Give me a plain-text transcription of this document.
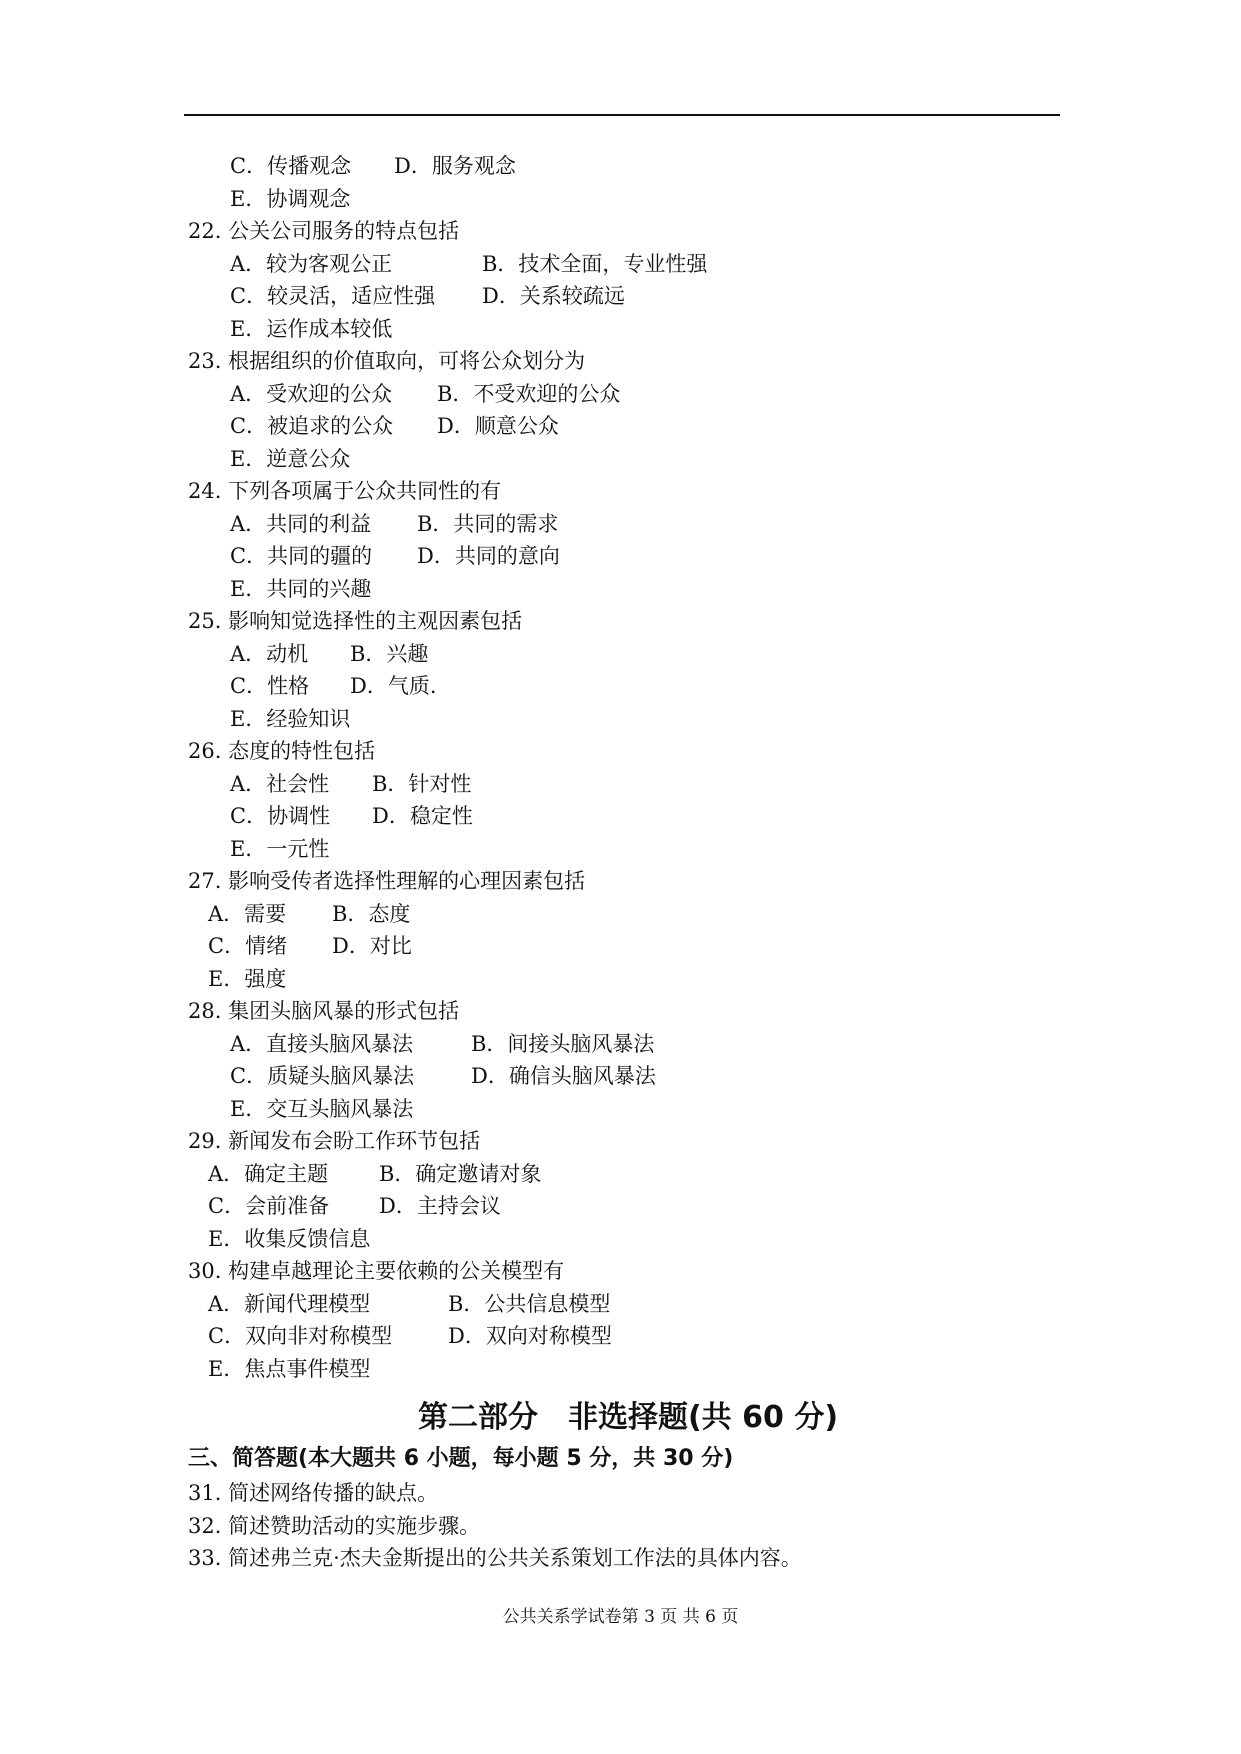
C．传播观念 D．服务观念
E．协调观念
22. 公关公司服务的特点包括
A．较为客观公正	B．技术全面，专业性强
C．较灵活，适应性强 D．关系较疏远
E．运作成本较低
23. 根据组织的价值取向，可将公众划分为
A．受欢迎的公众 B．不受欢迎的公众
C．被追求的公众 D．顺意公众
E．逆意公众
24. 下列各项属于公众共同性的有
A．共同的利益 B．共同的需求
C．共同的疆的 D．共同的意向
E．共同的兴趣
25. 影响知觉选择性的主观因素包括
A．动机 B．兴趣
C．性格 D．气质.
E．经验知识
26. 态度的特性包括
A．社会性 B．针对性
C．协调性 D．稳定性
E．一元性
27. 影响受传者选择性理解的心理因素包括
A．需要 B．态度
C．情绪 D．对比
E．强度
28. 集团头脑风暴的形式包括
A．直接头脑风暴法	B．间接头脑风暴法
C．质疑头脑风暴法	D．确信头脑风暴法
E．交互头脑风暴法
29. 新闻发布会盼工作环节包括
A．确定主题 B．确定邀请对象
C．会前准备 D．主持会议
E．收集反馈信息
30. 构建卓越理论主要依赖的公关模型有
A．新闻代理模型	B．公共信息模型
C．双向非对称模型	D．双向对称模型
E．焦点事件模型
第二部分　非选择题(共 60 分)
三、简答题(本大题共 6 小题，每小题 5 分，共 30 分)
31. 简述网络传播的缺点。
32. 简述赞助活动的实施步骤。
33. 简述弗兰克·杰夫金斯提出的公共关系策划工作法的具体内容。
公共关系学试卷第 3 页 共 6 页
